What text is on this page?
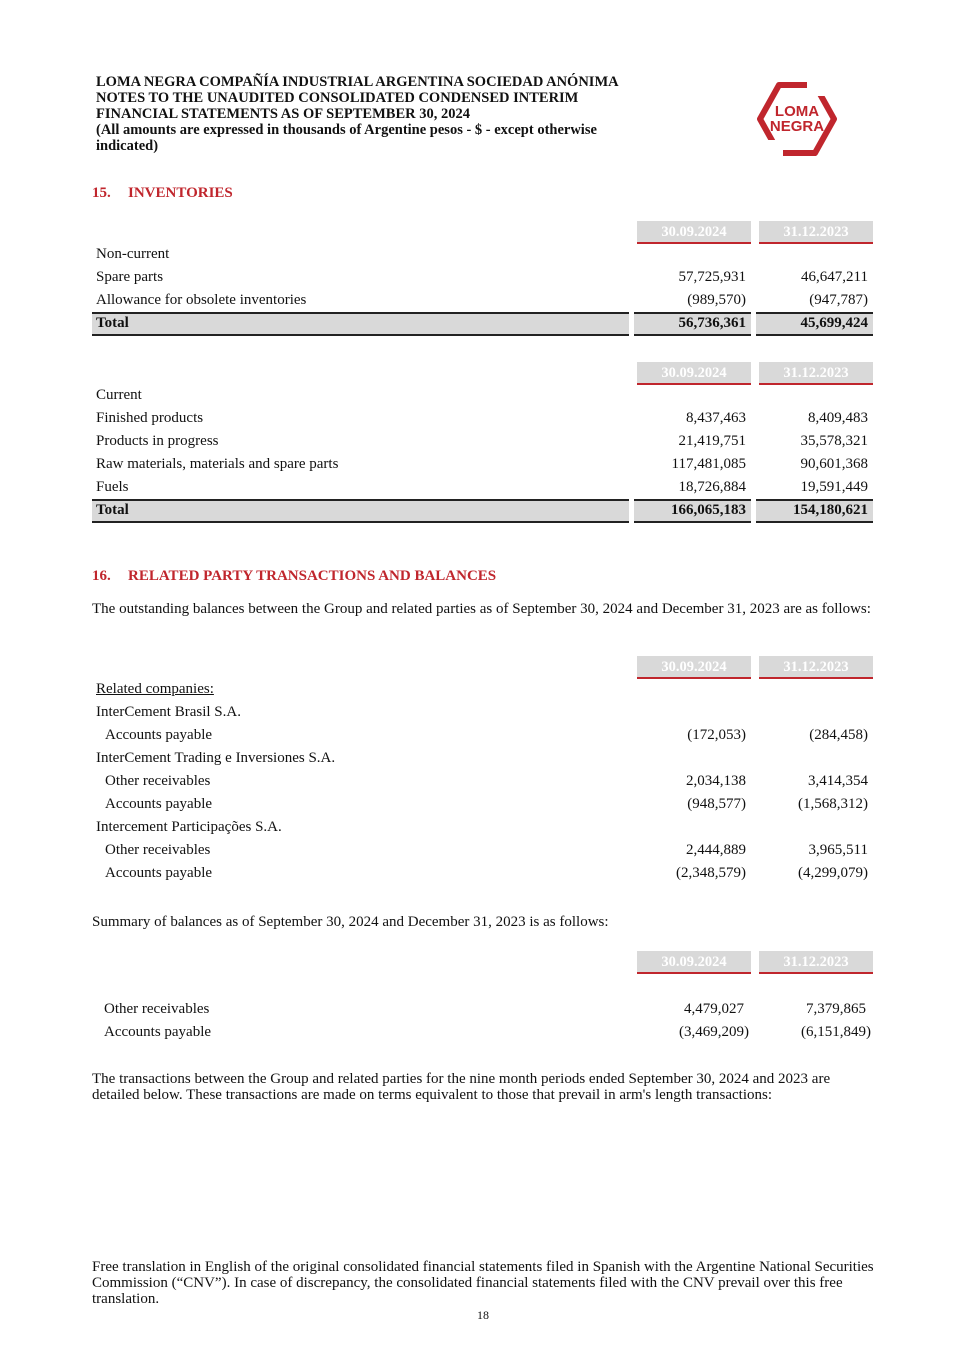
LOMA NEGRA COMPAÑÍA INDUSTRIAL ARGENTINA SOCIEDAD ANÓNIMA
NOTES TO THE UNAUDITED CONSOLIDATED CONDENSED INTERIM
FINANCIAL STATEMENTS AS OF SEPTEMBER 30, 2024
(All amounts are expressed in thousands of Argentine pesos - $ - except otherwise
indicated)
LOMA
NEGRA
15. INVENTORIES
30.09.2024	31.12.2023
Non-current
Spare parts	57,725,931	46,647,211
Allowance for obsolete inventories	(989,570)	(947,787)
Total	56,736,361	45,699,424
30.09.2024	31.12.2023
Current
Finished products	8,437,463	8,409,483
Products in progress	21,419,751	35,578,321
Raw materials, materials and spare parts	117,481,085	90,601,368
Fuels	18,726,884	19,591,449
Total	166,065,183	154,180,621
16. RELATED PARTY TRANSACTIONS AND BALANCES
The outstanding balances between the Group and related parties as of September 30, 2024 and December 31, 2023 are as follows:
30.09.2024	31.12.2023
Related companies:
InterCement Brasil S.A.
Accounts payable	(172,053)	(284,458)
InterCement Trading e Inversiones S.A.
Other receivables	2,034,138	3,414,354
Accounts payable	(948,577)	(1,568,312)
Intercement Participações S.A.
Other receivables	2,444,889	3,965,511
Accounts payable	(2,348,579)	(4,299,079)
Summary of balances as of September 30, 2024 and December 31, 2023 is as follows:
30.09.2024	31.12.2023
Other receivables	4,479,027	7,379,865
Accounts payable	(3,469,209)	(6,151,849)
The transactions between the Group and related parties for the nine month periods ended September 30, 2024 and 2023 are detailed below. These transactions are made on terms equivalent to those that prevail in arm's length transactions:
Free translation in English of the original consolidated financial statements filed in Spanish with the Argentine National Securities Commission (“CNV”). In case of discrepancy, the consolidated financial statements filed with the CNV prevail over this free translation.
18
